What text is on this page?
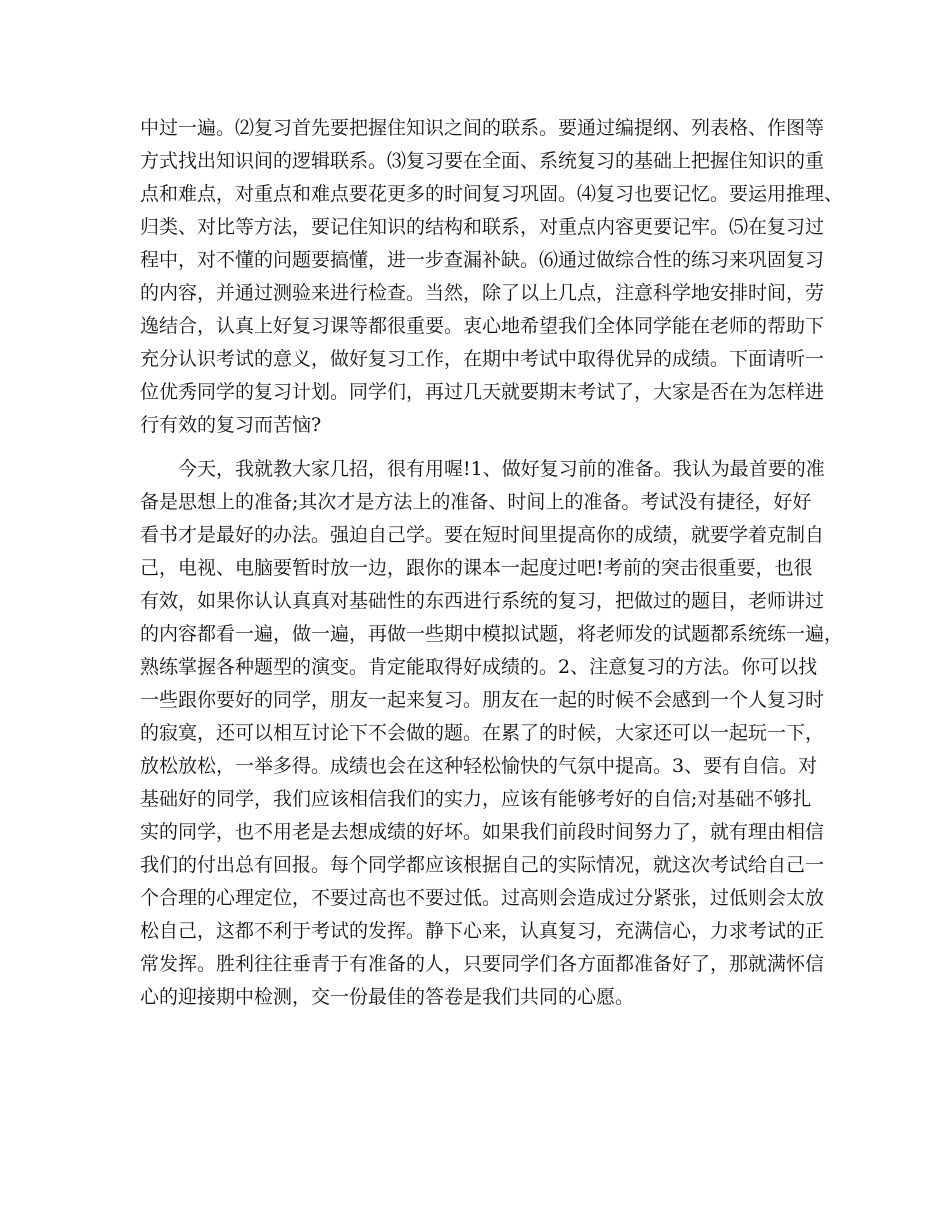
中过一遍。⑵复习首先要把握住知识之间的联系。要通过编提纲、列表格、作图等
方式找出知识间的逻辑联系。⑶复习要在全面、系统复习的基础上把握住知识的重
点和难点，对重点和难点要花更多的时间复习巩固。⑷复习也要记忆。要运用推理、
归类、对比等方法，要记住知识的结构和联系，对重点内容更要记牢。⑸在复习过
程中，对不懂的问题要搞懂，进一步查漏补缺。⑹通过做综合性的练习来巩固复习
的内容，并通过测验来进行检查。当然，除了以上几点，注意科学地安排时间，劳
逸结合，认真上好复习课等都很重要。衷心地希望我们全体同学能在老师的帮助下
充分认识考试的意义，做好复习工作，在期中考试中取得优异的成绩。下面请听一
位优秀同学的复习计划。同学们，再过几天就要期末考试了，大家是否在为怎样进
行有效的复习而苦恼?
　　今天，我就教大家几招，很有用喔!1、做好复习前的准备。我认为最首要的准
备是思想上的准备;其次才是方法上的准备、时间上的准备。考试没有捷径，好好
看书才是最好的办法。强迫自己学。要在短时间里提高你的成绩，就要学着克制自
己，电视、电脑要暂时放一边，跟你的课本一起度过吧!考前的突击很重要，也很
有效，如果你认认真真对基础性的东西进行系统的复习，把做过的题目，老师讲过
的内容都看一遍，做一遍，再做一些期中模拟试题，将老师发的试题都系统练一遍，
熟练掌握各种题型的演变。肯定能取得好成绩的。2、注意复习的方法。你可以找
一些跟你要好的同学，朋友一起来复习。朋友在一起的时候不会感到一个人复习时
的寂寞，还可以相互讨论下不会做的题。在累了的时候，大家还可以一起玩一下，
放松放松，一举多得。成绩也会在这种轻松愉快的气氛中提高。3、要有自信。对
基础好的同学，我们应该相信我们的实力，应该有能够考好的自信;对基础不够扎
实的同学，也不用老是去想成绩的好坏。如果我们前段时间努力了，就有理由相信
我们的付出总有回报。每个同学都应该根据自己的实际情况，就这次考试给自己一
个合理的心理定位，不要过高也不要过低。过高则会造成过分紧张，过低则会太放
松自己，这都不利于考试的发挥。静下心来，认真复习，充满信心，力求考试的正
常发挥。胜利往往垂青于有准备的人，只要同学们各方面都准备好了，那就满怀信
心的迎接期中检测，交一份最佳的答卷是我们共同的心愿。
